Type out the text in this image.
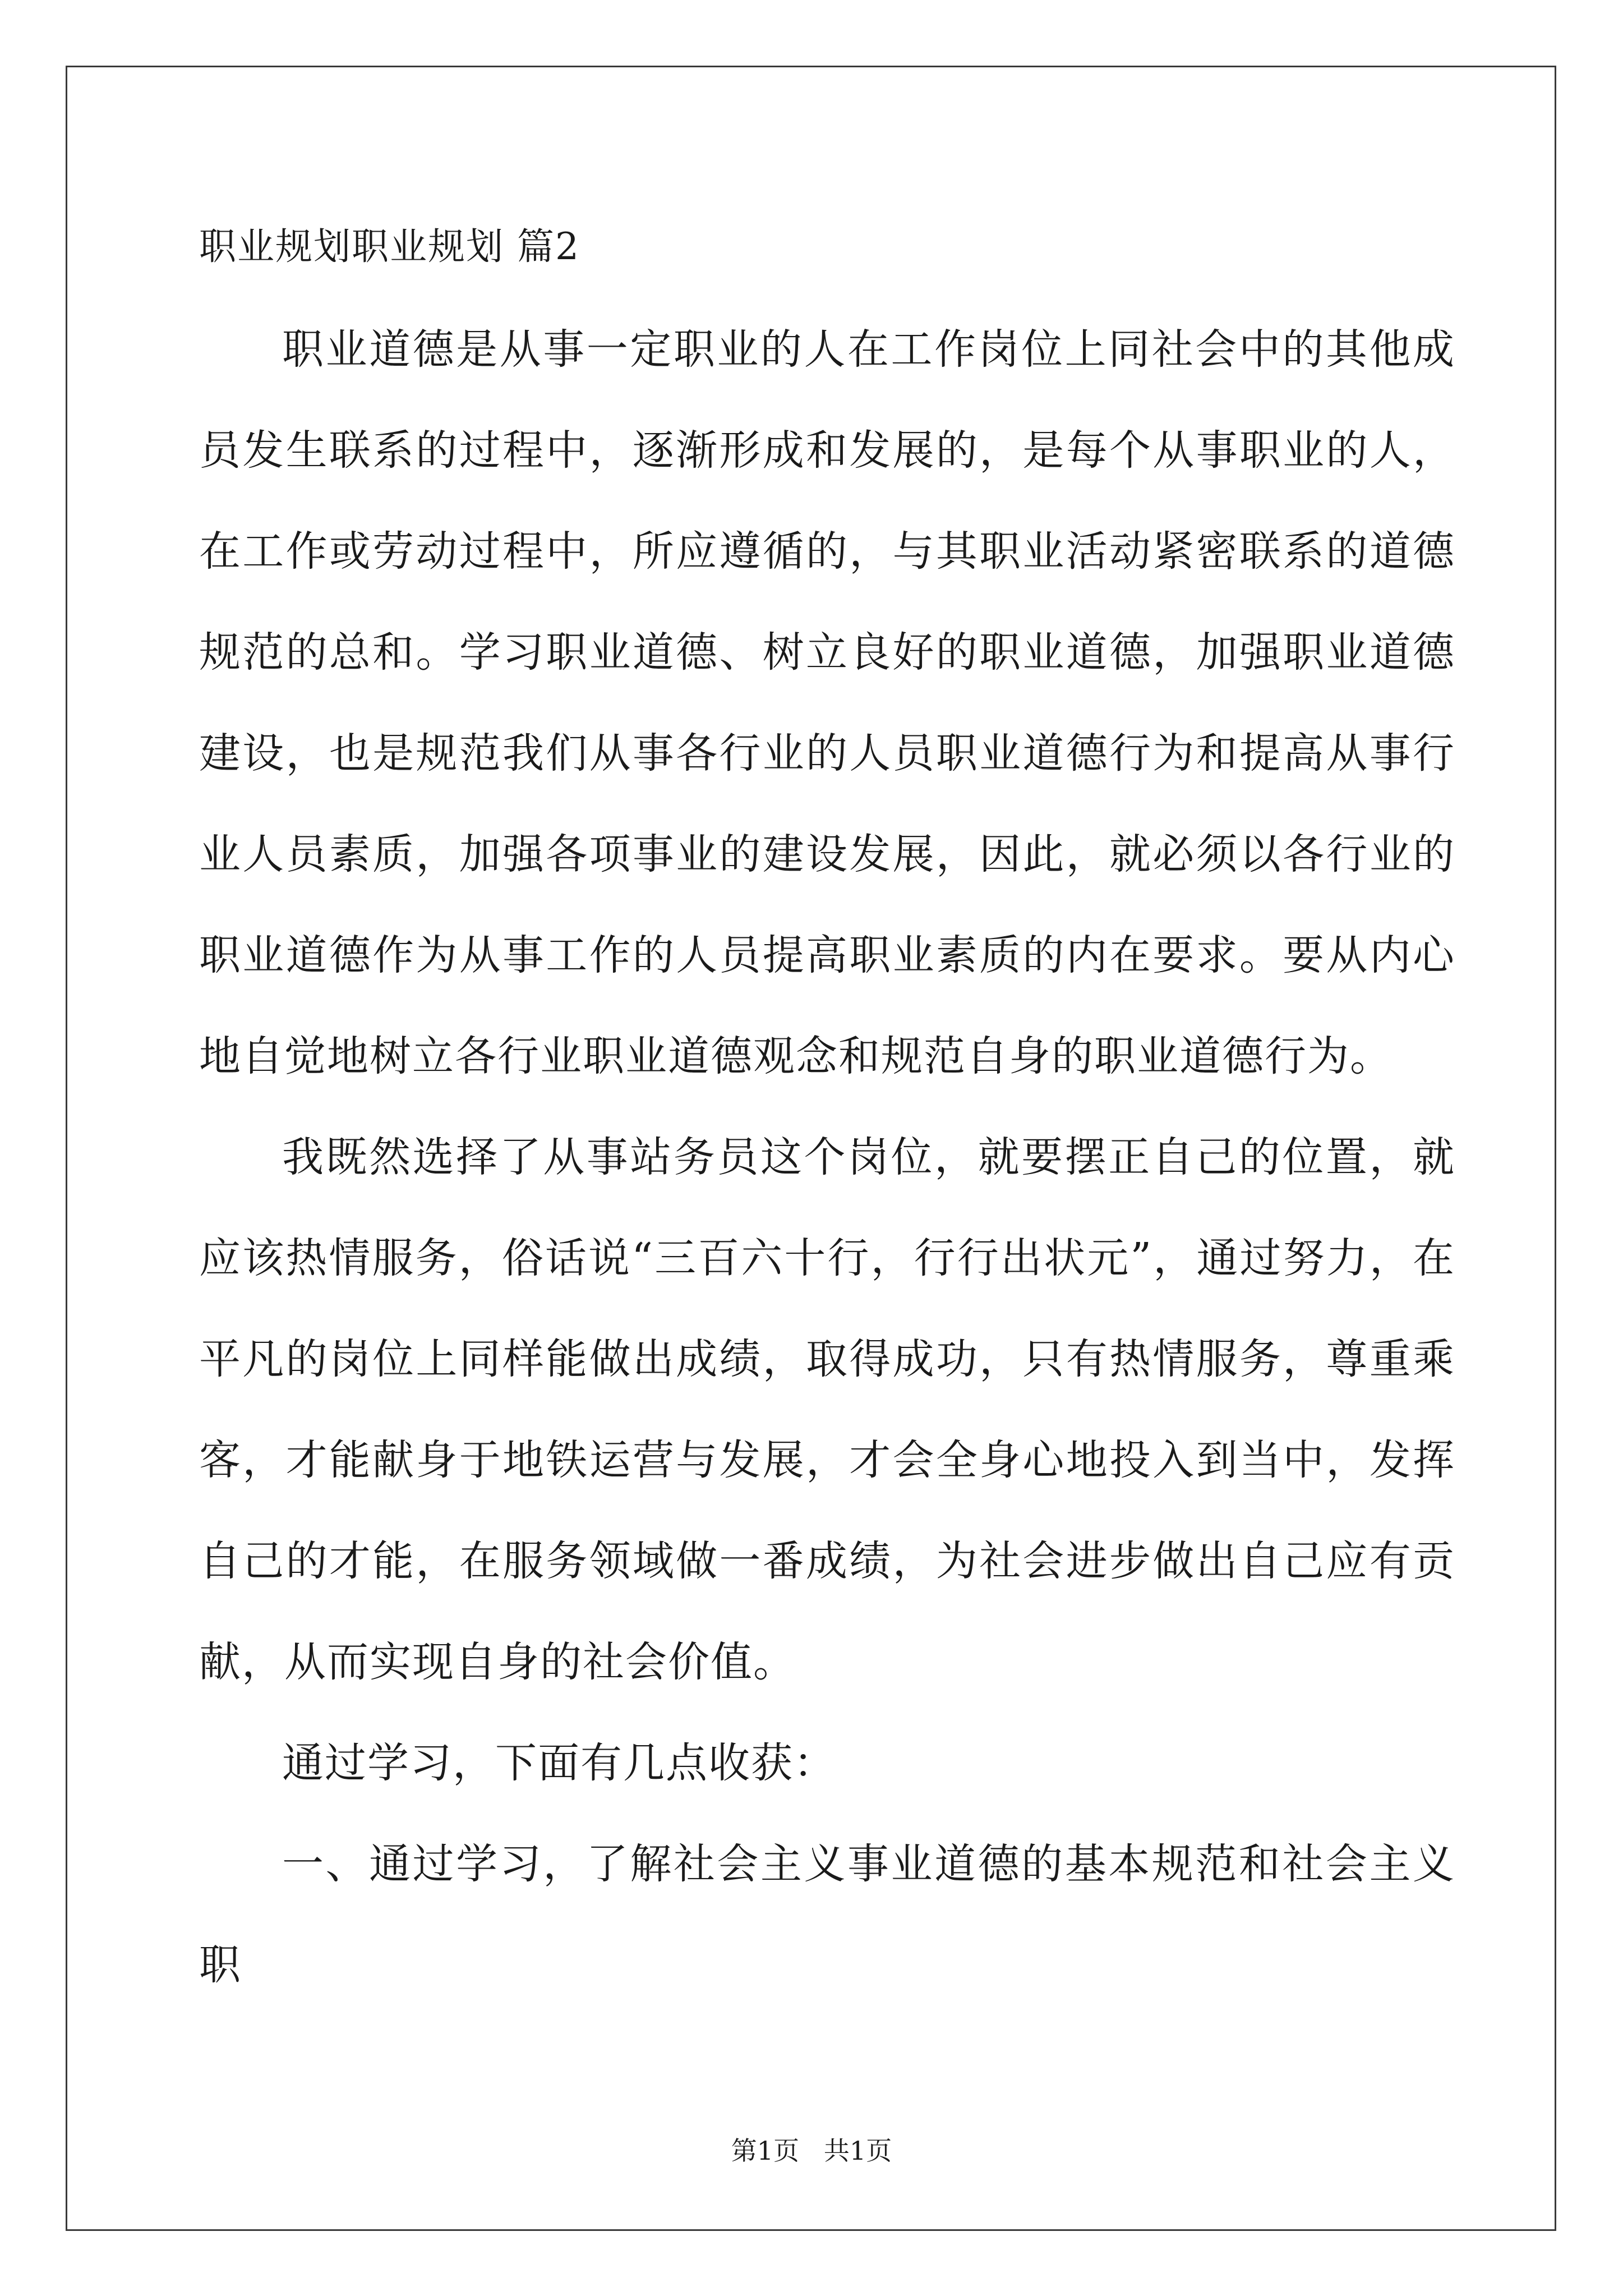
职业规划职业规划 篇2

职业道德是从事一定职业的人在工作岗位上同社会中的其他成员发生联系的过程中，逐渐形成和发展的，是每个从事职业的人，在工作或劳动过程中，所应遵循的，与其职业活动紧密联系的道德规范的总和。学习职业道德、树立良好的职业道德，加强职业道德建设，也是规范我们从事各行业的人员职业道德行为和提高从事行业人员素质，加强各项事业的建设发展，因此，就必须以各行业的职业道德作为从事工作的人员提高职业素质的内在要求。要从内心地自觉地树立各行业职业道德观念和规范自身的职业道德行为。

我既然选择了从事站务员这个岗位，就要摆正自己的位置，就应该热情服务，俗话说“三百六十行，行行出状元”，通过努力，在平凡的岗位上同样能做出成绩，取得成功，只有热情服务，尊重乘客，才能献身于地铁运营与发展，才会全身心地投入到当中，发挥自己的才能，在服务领域做一番成绩，为社会进步做出自己应有贡献，从而实现自身的社会价值。

通过学习，下面有几点收获：

一、通过学习，了解社会主义事业道德的基本规范和社会主义职

第1页   共1页
